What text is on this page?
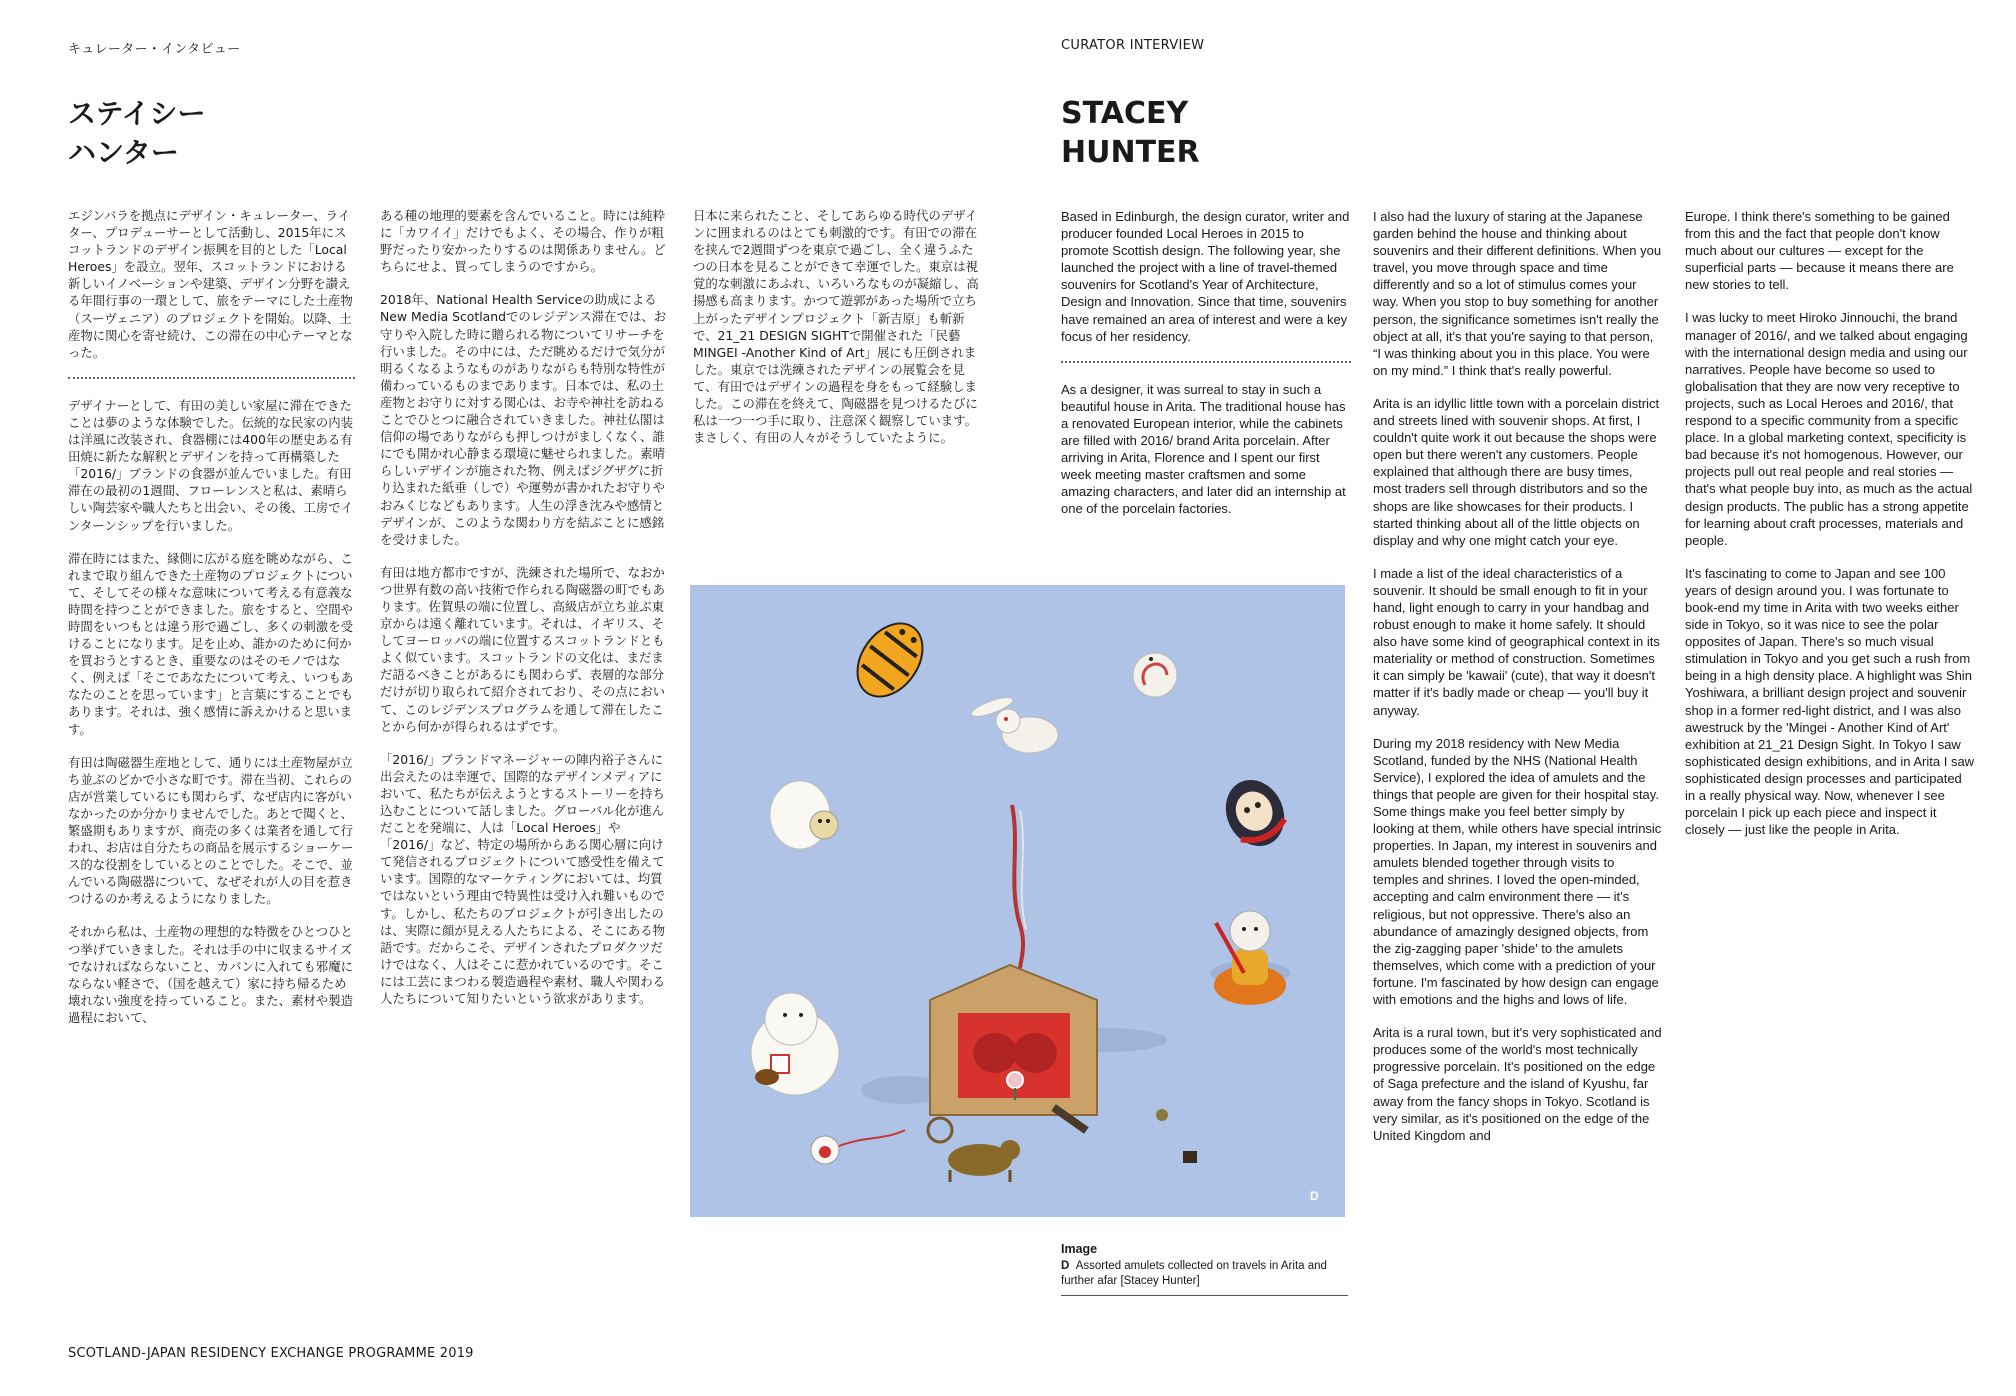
キュレーター・インタビュー	CURATOR INTERVIEW
ステイシー
ハンター
STACEY
HUNTER

エジンバラを拠点にデザイン・キュレーター、ライター、プロデューサーとして活動し、2015年にスコットランドのデザイン振興を目的とした「Local Heroes」を設立。翌年、スコットランドにおける新しいイノベーションや建築、デザイン分野を讃える年間行事の一環として、旅をテーマにした土産物（スーヴェニア）のプロジェクトを開始。以降、土産物に関心を寄せ続け、この滞在の中心テーマとなった。

デザイナーとして、有田の美しい家屋に滞在できたことは夢のような体験でした。伝統的な民家の内装は洋風に改装され、食器棚には400年の歴史ある有田焼に新たな解釈とデザインを持って再構築した「2016/」ブランドの食器が並んでいました。有田滞在の最初の1週間、フローレンスと私は、素晴らしい陶芸家や職人たちと出会い、その後、工房でインターンシップを行いました。

滞在時にはまた、縁側に広がる庭を眺めながら、これまで取り組んできた土産物のプロジェクトについて、そしてその様々な意味について考える有意義な時間を持つことができました。旅をすると、空間や時間をいつもとは違う形で過ごし、多くの刺激を受けることになります。足を止め、誰かのために何かを買おうとするとき、重要なのはそのモノではなく、例えば「そこであなたについて考え、いつもあなたのことを思っています」と言葉にすることでもあります。それは、強く感情に訴えかけると思います。

有田は陶磁器生産地として、通りには土産物屋が立ち並ぶのどかで小さな町です。滞在当初、これらの店が営業しているにも関わらず、なぜ店内に客がいなかったのか分かりませんでした。あとで聞くと、繁盛期もありますが、商売の多くは業者を通して行われ、お店は自分たちの商品を展示するショーケース的な役割をしているとのことでした。そこで、並んでいる陶磁器について、なぜそれが人の目を惹きつけるのか考えるようになりました。

それから私は、土産物の理想的な特徴をひとつひとつ挙げていきました。それは手の中に収まるサイズでなければならないこと、カバンに入れても邪魔にならない軽さで、（国を越えて）家に持ち帰るため壊れない強度を持っていること。また、素材や製造過程において、

ある種の地理的要素を含んでいること。時には純粋に「カワイイ」だけでもよく、その場合、作りが粗野だったり安かったりするのは関係ありません。どちらにせよ、買ってしまうのですから。

2018年、National Health Serviceの助成によるNew Media Scotlandでのレジデンス滞在では、お守りや入院した時に贈られる物についてリサーチを行いました。その中には、ただ眺めるだけで気分が明るくなるようなものがありながらも特別な特性が備わっているものまであります。日本では、私の土産物とお守りに対する関心は、お寺や神社を訪ねることでひとつに融合されていきました。神社仏閣は信仰の場でありながらも押しつけがましくなく、誰にでも開かれ心静まる環境に魅せられました。素晴らしいデザインが施された物、例えばジグザグに折り込まれた紙垂（しで）や運勢が書かれたお守りやおみくじなどもあります。人生の浮き沈みや感情とデザインが、このような関わり方を結ぶことに感銘を受けました。

有田は地方都市ですが、洗練された場所で、なおかつ世界有数の高い技術で作られる陶磁器の町でもあります。佐賀県の端に位置し、高級店が立ち並ぶ東京からは遠く離れています。それは、イギリス、そしてヨーロッパの端に位置するスコットランドともよく似ています。スコットランドの文化は、まだまだ語るべきことがあるにも関わらず、表層的な部分だけが切り取られて紹介されており、その点において、このレジデンスプログラムを通して滞在したことから何かが得られるはずです。

「2016/」ブランドマネージャーの陣内裕子さんに出会えたのは幸運で、国際的なデザインメディアにおいて、私たちが伝えようとするストーリーを持ち込むことについて話しました。グローバル化が進んだことを発端に、人は「Local Heroes」や「2016/」など、特定の場所からある関心層に向けて発信されるプロジェクトについて感受性を備えています。国際的なマーケティングにおいては、均質ではないという理由で特異性は受け入れ難いものです。しかし、私たちのプロジェクトが引き出したのは、実際に顔が見える人たちによる、そこにある物語です。だからこそ、デザインされたプロダクツだけではなく、人はそこに惹かれているのです。そこには工芸にまつわる製造過程や素材、職人や関わる人たちについて知りたいという欲求があります。

日本に来られたこと、そしてあらゆる時代のデザインに囲まれるのはとても刺激的です。有田での滞在を挟んで2週間ずつを東京で過ごし、全く違うふたつの日本を見ることができて幸運でした。東京は視覚的な刺激にあふれ、いろいろなものが凝縮し、高揚感も高まります。かつて遊郭があった場所で立ち上がったデザインプロジェクト「新吉原」も斬新で、21_21 DESIGN SIGHTで開催された「民藝 MINGEI -Another Kind of Art」展にも圧倒されました。東京では洗練されたデザインの展覧会を見て、有田ではデザインの過程を身をもって経験しました。この滞在を終えて、陶磁器を見つけるたびに私は一つ一つ手に取り、注意深く観察しています。まさしく、有田の人々がそうしていたように。

D
Image
D Assorted amulets collected on travels in Arita and further afar [Stacey Hunter]

Based in Edinburgh, the design curator, writer and producer founded Local Heroes in 2015 to promote Scottish design. The following year, she launched the project with a line of travel-themed souvenirs for Scotland's Year of Architecture, Design and Innovation. Since that time, souvenirs have remained an area of interest and were a key focus of her residency.

As a designer, it was surreal to stay in such a beautiful house in Arita. The traditional house has a renovated European interior, while the cabinets are filled with 2016/ brand Arita porcelain. After arriving in Arita, Florence and I spent our first week meeting master craftsmen and some amazing characters, and later did an internship at one of the porcelain factories.

I also had the luxury of staring at the Japanese garden behind the house and thinking about souvenirs and their different definitions. When you travel, you move through space and time differently and so a lot of stimulus comes your way. When you stop to buy something for another person, the significance sometimes isn't really the object at all, it's that you're saying to that person, “I was thinking about you in this place. You were on my mind.” I think that's really powerful.

Arita is an idyllic little town with a porcelain district and streets lined with souvenir shops. At first, I couldn't quite work it out because the shops were open but there weren't any customers. People explained that although there are busy times, most traders sell through distributors and so the shops are like showcases for their products. I started thinking about all of the little objects on display and why one might catch your eye.

I made a list of the ideal characteristics of a souvenir. It should be small enough to fit in your hand, light enough to carry in your handbag and robust enough to make it home safely. It should also have some kind of geographical context in its materiality or method of construction. Sometimes it can simply be 'kawaii' (cute), that way it doesn't matter if it's badly made or cheap — you'll buy it anyway.

During my 2018 residency with New Media Scotland, funded by the NHS (National Health Service), I explored the idea of amulets and the things that people are given for their hospital stay. Some things make you feel better simply by looking at them, while others have special intrinsic properties. In Japan, my interest in souvenirs and amulets blended together through visits to temples and shrines. I loved the open-minded, accepting and calm environment there — it's religious, but not oppressive. There's also an abundance of amazingly designed objects, from the zig-zagging paper 'shide' to the amulets themselves, which come with a prediction of your fortune. I'm fascinated by how design can engage with emotions and the highs and lows of life.

Arita is a rural town, but it's very sophisticated and produces some of the world's most technically progressive porcelain. It's positioned on the edge of Saga prefecture and the island of Kyushu, far away from the fancy shops in Tokyo. Scotland is very similar, as it's positioned on the edge of the United Kingdom and

Europe. I think there's something to be gained from this and the fact that people don't know much about our cultures — except for the superficial parts — because it means there are new stories to tell.

I was lucky to meet Hiroko Jinnouchi, the brand manager of 2016/, and we talked about engaging with the international design media and using our narratives. People have become so used to globalisation that they are now very receptive to projects, such as Local Heroes and 2016/, that respond to a specific community from a specific place. In a global marketing context, specificity is bad because it's not homogenous. However, our projects pull out real people and real stories — that's what people buy into, as much as the actual design products. The public has a strong appetite for learning about craft processes, materials and people.

It's fascinating to come to Japan and see 100 years of design around you. I was fortunate to book-end my time in Arita with two weeks either side in Tokyo, so it was nice to see the polar opposites of Japan. There's so much visual stimulation in Tokyo and you get such a rush from being in a high density place. A highlight was Shin Yoshiwara, a brilliant design project and souvenir shop in a former red-light district, and I was also awestruck by the 'Mingei - Another Kind of Art' exhibition at 21_21 Design Sight. In Tokyo I saw sophisticated design exhibitions, and in Arita I saw sophisticated design processes and participated in a really physical way. Now, whenever I see porcelain I pick up each piece and inspect it closely — just like the people in Arita.

SCOTLAND-JAPAN RESIDENCY EXCHANGE PROGRAMME 2019
